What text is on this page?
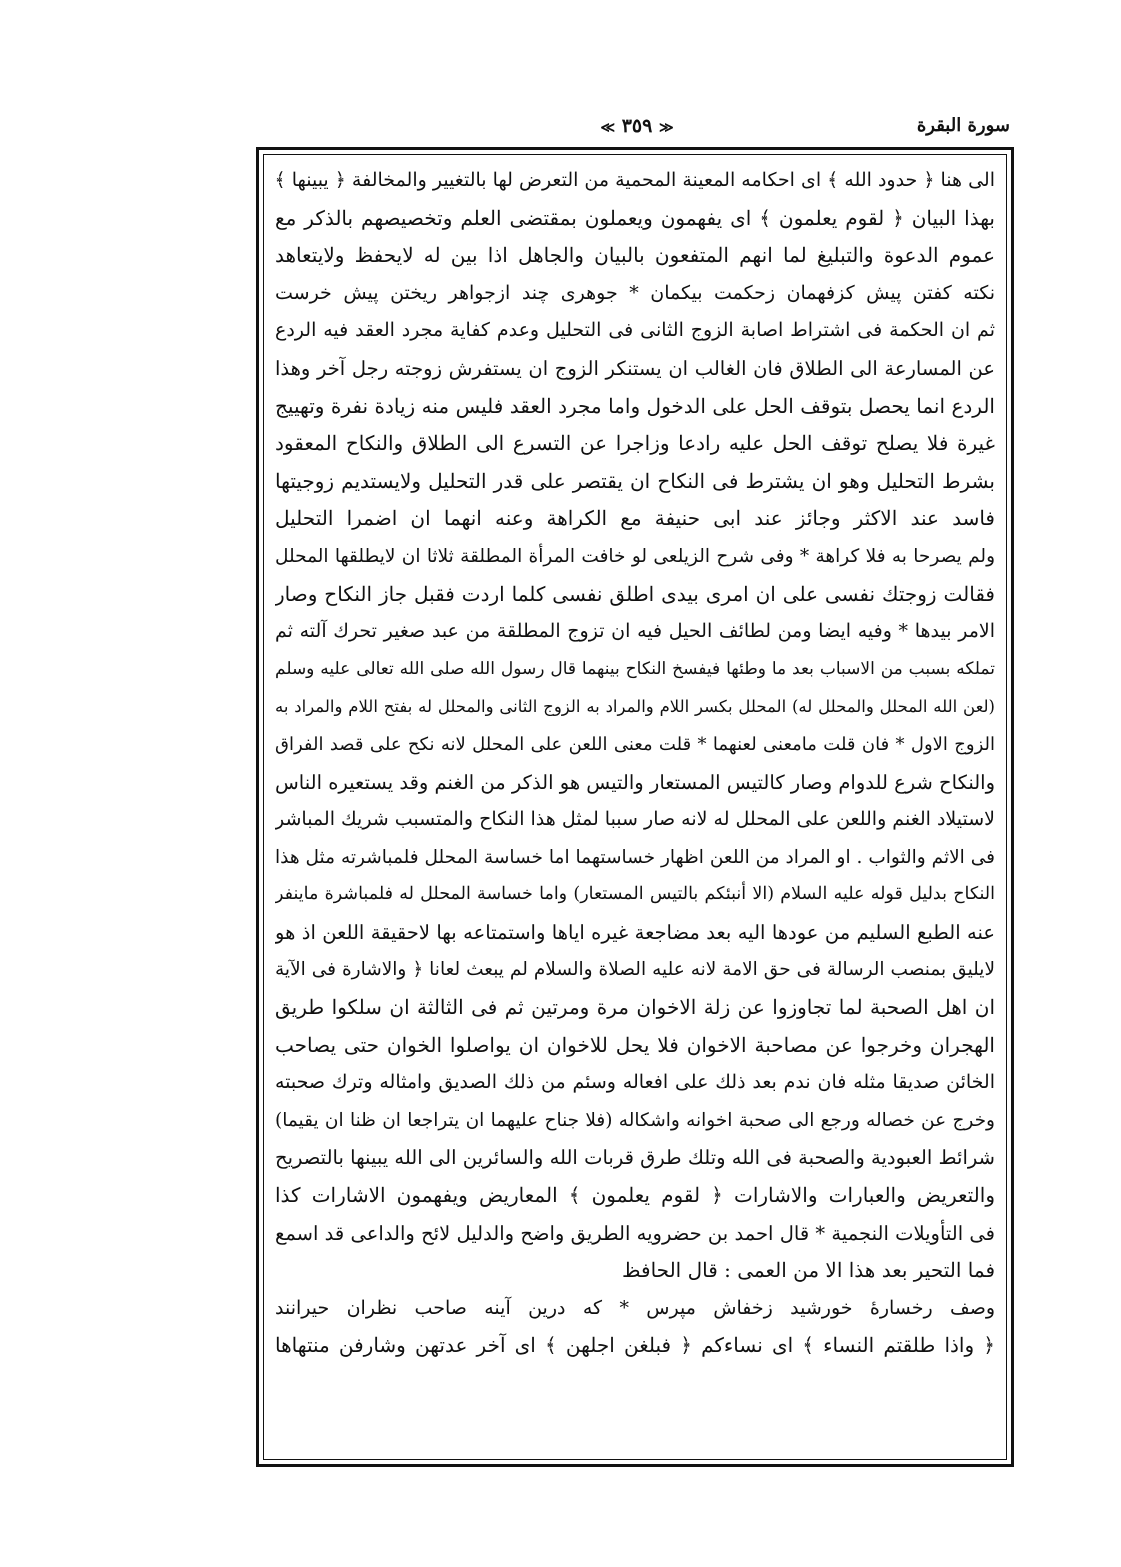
سورة البقرة
≪ ٣٥٩ ≫
الى هنا ﴿ حدود الله ﴾ اى احكامه المعينة المحمية من التعرض لها بالتغيير والمخالفة ﴿ يبينها ﴾
بهذا البيان ﴿ لقوم يعلمون ﴾ اى يفهمون ويعملون بمقتضى العلم وتخصيصهم بالذكر مع
عموم الدعوة والتبليغ لما انهم المتفعون بالبيان والجاهل اذا بين له لايحفظ ولايتعاهد
نكته كفتن پيش كزفهمان زحكمت بيكمان * جوهرى چند ازجواهر ريختن پيش خرست
ثم ان الحكمة فى اشتراط اصابة الزوج الثانى فى التحليل وعدم كفاية مجرد العقد فيه الردع
عن المسارعة الى الطلاق فان الغالب ان يستنكر الزوج ان يستفرش زوجته رجل آخر وهذا
الردع انما يحصل بتوقف الحل على الدخول واما مجرد العقد فليس منه زيادة نفرة وتهييج
غيرة فلا يصلح توقف الحل عليه رادعا وزاجرا عن التسرع الى الطلاق والنكاح المعقود
بشرط التحليل وهو ان يشترط فى النكاح ان يقتصر على قدر التحليل ولايستديم زوجيتها
فاسد عند الاكثر وجائز عند ابى حنيفة مع الكراهة وعنه انهما ان اضمرا التحليل
ولم يصرحا به فلا كراهة * وفى شرح الزيلعى لو خافت المرأة المطلقة ثلاثا ان لايطلقها المحلل
فقالت زوجتك نفسى على ان امرى بيدى اطلق نفسى كلما اردت فقبل جاز النكاح وصار
الامر بيدها * وفيه ايضا ومن لطائف الحيل فيه ان تزوج المطلقة من عبد صغير تحرك آلته ثم
تملكه بسبب من الاسباب بعد ما وطئها فيفسخ النكاح بينهما قال رسول الله صلى الله تعالى عليه وسلم
(لعن الله المحلل والمحلل له) المحلل بكسر اللام والمراد به الزوج الثانى والمحلل له بفتح اللام والمراد به
الزوج الاول * فان قلت مامعنى لعنهما * قلت معنى اللعن على المحلل لانه نكح على قصد الفراق
والنكاح شرع للدوام وصار كالتيس المستعار والتيس هو الذكر من الغنم وقد يستعيره الناس
لاستيلاد الغنم واللعن على المحلل له لانه صار سببا لمثل هذا النكاح والمتسبب شريك المباشر
فى الاثم والثواب . او المراد من اللعن اظهار خساستهما اما خساسة المحلل فلمباشرته مثل هذا
النكاح بدليل قوله عليه السلام (الا أنبئكم بالتيس المستعار) واما خساسة المحلل له فلمباشرة ماينفر
عنه الطبع السليم من عودها اليه بعد مضاجعة غيره اياها واستمتاعه بها لاحقيقة اللعن اذ هو
لايليق بمنصب الرسالة فى حق الامة لانه عليه الصلاة والسلام لم يبعث لعانا ﴿ والاشارة فى الآية
ان اهل الصحبة لما تجاوزوا عن زلة الاخوان مرة ومرتين ثم فى الثالثة ان سلكوا طريق
الهجران وخرجوا عن مصاحبة الاخوان فلا يحل للاخوان ان يواصلوا الخوان حتى يصاحب
الخائن صديقا مثله فان ندم بعد ذلك على افعاله وسئم من ذلك الصديق وامثاله وترك صحبته
وخرج عن خصاله ورجع الى صحبة اخوانه واشكاله (فلا جناح عليهما ان يتراجعا ان ظنا ان يقيما)
شرائط العبودية والصحبة فى الله وتلك طرق قربات الله والسائرين الى الله يبينها بالتصريح
والتعريض والعبارات والاشارات ﴿ لقوم يعلمون ﴾ المعاريض ويفهمون الاشارات كذا
فى التأويلات النجمية * قال احمد بن حضرويه الطريق واضح والدليل لائح والداعى قد اسمع
فما التحير بعد هذا الا من العمى : قال الحافظ
وصف رخسارهٔ خورشيد زخفاش مپرس * كه درين آينه صاحب نظران حيرانند
﴿ واذا طلقتم النساء ﴾ اى نساءكم ﴿ فبلغن اجلهن ﴾ اى آخر عدتهن وشارفن منتهاها
